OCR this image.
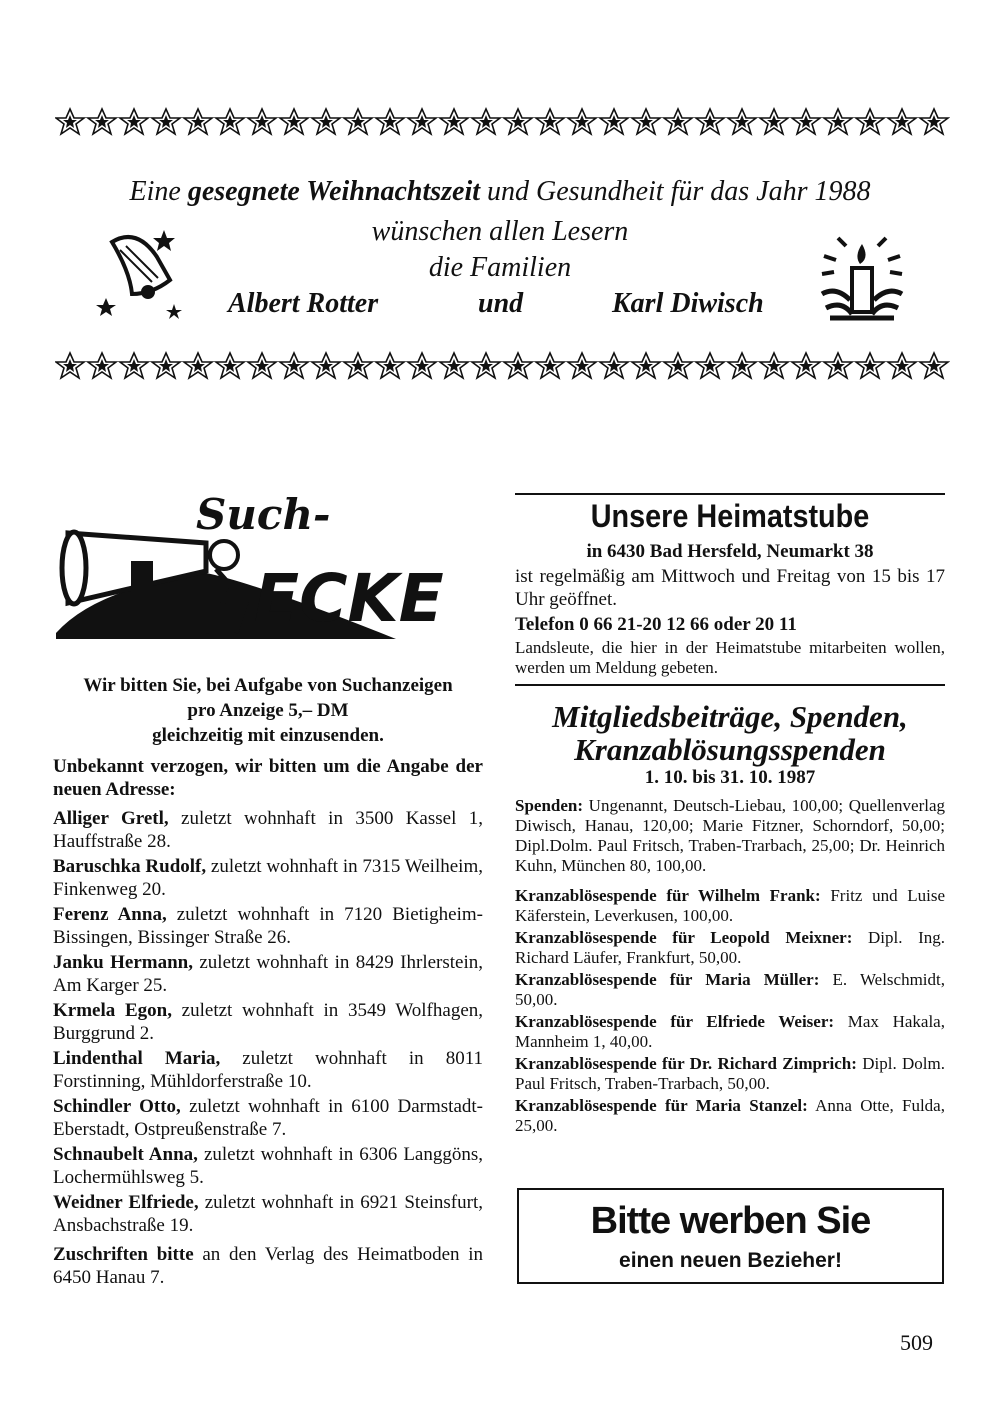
Eine gesegnete Weihnachtszeit und Gesundheit für das Jahr 1988
wünschen allen Lesern
die Familien
Albert Rotter	und	Karl Diwisch
Such-
ECKE

Wir bitten Sie, bei Aufgabe von Suchanzeigen

pro Anzeige 5,– DM

gleichzeitig mit einzusenden.

Unbekannt verzogen, wir bitten um die Angabe der neuen Adresse:

Alliger Gretl, zuletzt wohnhaft in 3500 Kassel 1, Hauffstraße 28.

Baruschka Rudolf, zuletzt wohnhaft in 7315 Weilheim, Finkenweg 20.

Ferenz Anna, zuletzt wohnhaft in 7120 Bietigheim-Bissingen, Bissinger Straße 26.

Janku Hermann, zuletzt wohnhaft in 8429 Ihrlerstein, Am Karger 25.

Krmela Egon, zuletzt wohnhaft in 3549 Wolfhagen, Burggrund 2.

Lindenthal Maria, zuletzt wohnhaft in 8011 Forstinning, Mühldorferstraße 10.

Schindler Otto, zuletzt wohnhaft in 6100 Darmstadt-Eberstadt, Ostpreußenstraße 7.

Schnaubelt Anna, zuletzt wohnhaft in 6306 Langgöns, Lochermühlsweg 5.

Weidner Elfriede, zuletzt wohnhaft in 6921 Steinsfurt, Ansbachstraße 19.

Zuschriften bitte an den Verlag des Heimatboden in 6450 Hanau 7.

Unsere Heimatstube

in 6430 Bad Hersfeld, Neumarkt 38

ist regelmäßig am Mittwoch und Freitag von 15 bis 17 Uhr geöffnet.

Telefon 0 66 21-20 12 66 oder 20 11

Landsleute, die hier in der Heimatstube mitarbeiten wollen, werden um Meldung gebeten.

Mitgliedsbeiträge, Spenden,
Kranzablösungsspenden

1. 10. bis 31. 10. 1987

Spenden: Ungenannt, Deutsch-Liebau, 100,00; Quellenverlag Diwisch, Hanau, 120,00; Marie Fitzner, Schorndorf, 50,00; Dipl.Dolm. Paul Fritsch, Traben-Trarbach, 25,00; Dr. Heinrich Kuhn, München 80, 100,00.

Kranzablösespende für Wilhelm Frank: Fritz und Luise Käferstein, Leverkusen, 100,00.

Kranzablösespende für Leopold Meixner: Dipl. Ing. Richard Läufer, Frankfurt, 50,00.

Kranzablösespende für Maria Müller: E. Welschmidt, 50,00.

Kranzablösespende für Elfriede Weiser: Max Hakala, Mannheim 1, 40,00.

Kranzablösespende für Dr. Richard Zimprich: Dipl. Dolm. Paul Fritsch, Traben-Trarbach, 50,00.

Kranzablösespende für Maria Stanzel: Anna Otte, Fulda, 25,00.

Bitte werben Sie
einen neuen Bezieher!
509
